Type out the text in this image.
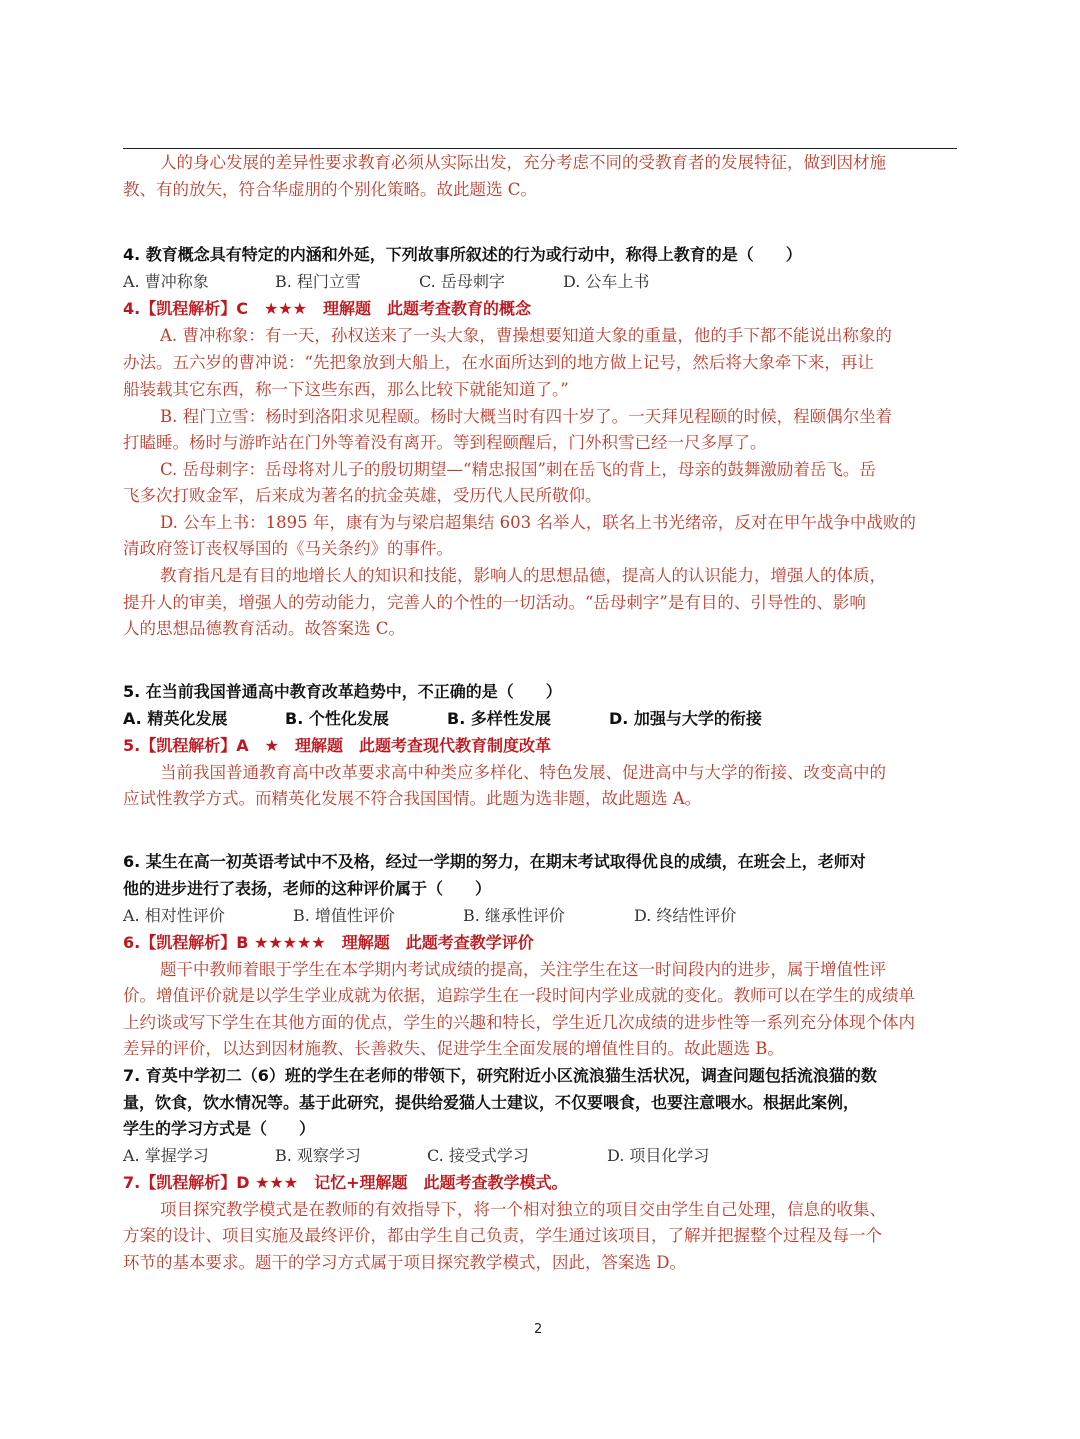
人的身心发展的差异性要求教育必须从实际出发，充分考虑不同的受教育者的发展特征，做到因材施
教、有的放矢，符合华虚朋的个别化策略。故此题选 C。
4. 教育概念具有特定的内涵和外延，下列故事所叙述的行为或行动中，称得上教育的是（　　）
A. 曹冲称象	B. 程门立雪	C. 岳母刺字	D. 公车上书
4.【凯程解析】C　★★★　理解题　此题考查教育的概念
A. 曹冲称象：有一天，孙权送来了一头大象，曹操想要知道大象的重量，他的手下都不能说出称象的
办法。五六岁的曹冲说：“先把象放到大船上，在水面所达到的地方做上记号，然后将大象牵下来，再让
船装载其它东西，称一下这些东西，那么比较下就能知道了。”
B. 程门立雪：杨时到洛阳求见程颐。杨时大概当时有四十岁了。一天拜见程颐的时候，程颐偶尔坐着
打瞌睡。杨时与游昨站在门外等着没有离开。等到程颐醒后，门外积雪已经一尺多厚了。
C. 岳母刺字：岳母将对儿子的殷切期望—“精忠报国”刺在岳飞的背上，母亲的鼓舞激励着岳飞。岳
飞多次打败金军，后来成为著名的抗金英雄，受历代人民所敬仰。
D. 公车上书：1895 年，康有为与梁启超集结 603 名举人，联名上书光绪帝，反对在甲午战争中战败的
清政府签订丧权辱国的《马关条约》的事件。
教育指凡是有目的地增长人的知识和技能，影响人的思想品德，提高人的认识能力，增强人的体质，
提升人的审美，增强人的劳动能力，完善人的个性的一切活动。“岳母刺字”是有目的、引导性的、影响
人的思想品德教育活动。故答案选 C。
5. 在当前我国普通高中教育改革趋势中，不正确的是（　　）
A. 精英化发展	B. 个性化发展	B. 多样性发展	D. 加强与大学的衔接
5.【凯程解析】A　★　理解题　此题考查现代教育制度改革
当前我国普通教育高中改革要求高中种类应多样化、特色发展、促进高中与大学的衔接、改变高中的
应试性教学方式。而精英化发展不符合我国国情。此题为选非题，故此题选 A。
6. 某生在高一初英语考试中不及格，经过一学期的努力，在期末考试取得优良的成绩，在班会上，老师对
他的进步进行了表扬，老师的这种评价属于（　　）
A. 相对性评价	B. 增值性评价	B. 继承性评价	D. 终结性评价
6.【凯程解析】B ★★★★★　理解题　此题考查教学评价
题干中教师着眼于学生在本学期内考试成绩的提高，关注学生在这一时间段内的进步，属于增值性评
价。增值评价就是以学生学业成就为依据，追踪学生在一段时间内学业成就的变化。教师可以在学生的成绩单
上约谈或写下学生在其他方面的优点，学生的兴趣和特长，学生近几次成绩的进步性等一系列充分体现个体内
差异的评价，以达到因材施教、长善救失、促进学生全面发展的增值性目的。故此题选 B。
7. 育英中学初二（6）班的学生在老师的带领下，研究附近小区流浪猫生活状况，调查问题包括流浪猫的数
量，饮食，饮水情况等。基于此研究，提供给爱猫人士建议，不仅要喂食，也要注意喂水。根据此案例，
学生的学习方式是（　　）
A. 掌握学习	B. 观察学习	C. 接受式学习	D. 项目化学习
7.【凯程解析】D ★★★　记忆+理解题　此题考查教学模式。
项目探究教学模式是在教师的有效指导下，将一个相对独立的项目交由学生自己处理，信息的收集、
方案的设计、项目实施及最终评价，都由学生自己负责，学生通过该项目，了解并把握整个过程及每一个
环节的基本要求。题干的学习方式属于项目探究教学模式，因此，答案选 D。
2
